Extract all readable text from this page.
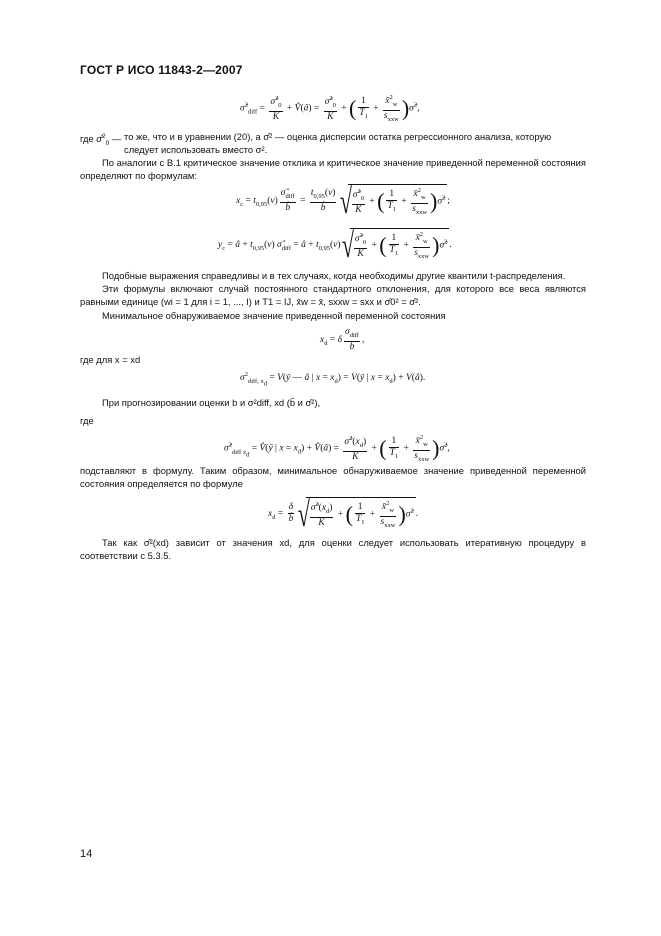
ГОСТ Р ИСО 11843-2—2007
σ̂$^2_{diff}$ = $\frac{\sigmâ^2_0}{K}$ + V̂(â) = $\frac{\sigmâ^2_0}{K}$ + ( $\frac{1}{T_1} + \frac{x̄^2_w}{s_{xxw}}$ )σ̂$^2$,
где σ̂$^2_0$ — то же, что и в уравнении (20), а σ̂² — оценка дисперсии остатка регрессионного анализа, которую следует использовать вместо σ².
По аналогии с В.1 критическое значение отклика и критическое значение приведенной переменной состояния определяют по формулам:
$x_c = t_{0,95}(\nu) \frac{\sigmâ_{diff}}{b̂} = \frac{t_{0,95}(\nu)}{b̂}$
√ $\frac{\sigmâ^2_0}{K}$ + ( $\frac{1}{T_1} + \frac{x̄^2_w}{s_{xxw}}$ )σ̂$^2$ ;
$y_c$ = â + $t_{0,95}(\nu)$ $\sigmâ_{diff}$ = â + $t_{0,95}(\nu)$ √ $\frac{\sigmâ^2_0}{K}$ + ( $\frac{1}{T_1} + \frac{x̄^2_w}{s_{xxw}}$ )σ̂$^2$ .
Подобные выражения справедливы и в тех случаях, когда необходимы другие квантили t-распределения.
Эти формулы включают случай постоянного стандартного отклонения, для которого все веса являются равными единице (wi = 1 для i = 1, ..., I) и T1 = IJ, x̄w = x̄, sxxw = sxx и σ̂0² = σ̂².
Минимальное обнаруживаемое значение приведенной переменной состояния
$x_d = \delta \frac{\sigma_{diff}}{b}$ ,
где для x = xd
$\sigma^2_{diff, x_d}$ = V(ȳ — â | $x = x_d$) = V(ȳ | $x = x_d$) + V(â).
При прогнозировании оценки b и σ²diff, xd (b̂ и σ̂²),
где
σ̂$^2_{diff x_d}$ = V̂(ȳ | $x = x_d$) + V̂(â) = $\frac{\sigmâ^2(x_d)}{K}$ + ( $\frac{1}{T_1} + \frac{x̄^2_w}{s_{xxw}}$ )σ̂$^2$,
подставляют в формулу. Таким образом, минимальное обнаруживаемое значение приведенной переменной состояния определяется по формуле
$x_d = \frac{\delta}{b̂}$
√ $\frac{\sigmâ^2(x_d)}{K}$ + ( $\frac{1}{T_1} + \frac{x̄^2_w}{s_{xxw}}$ )σ̂$^2$ .
Так как σ̂²(xd) зависит от значения xd, для оценки следует использовать итеративную процедуру в соответствии с 5.3.5.
14
